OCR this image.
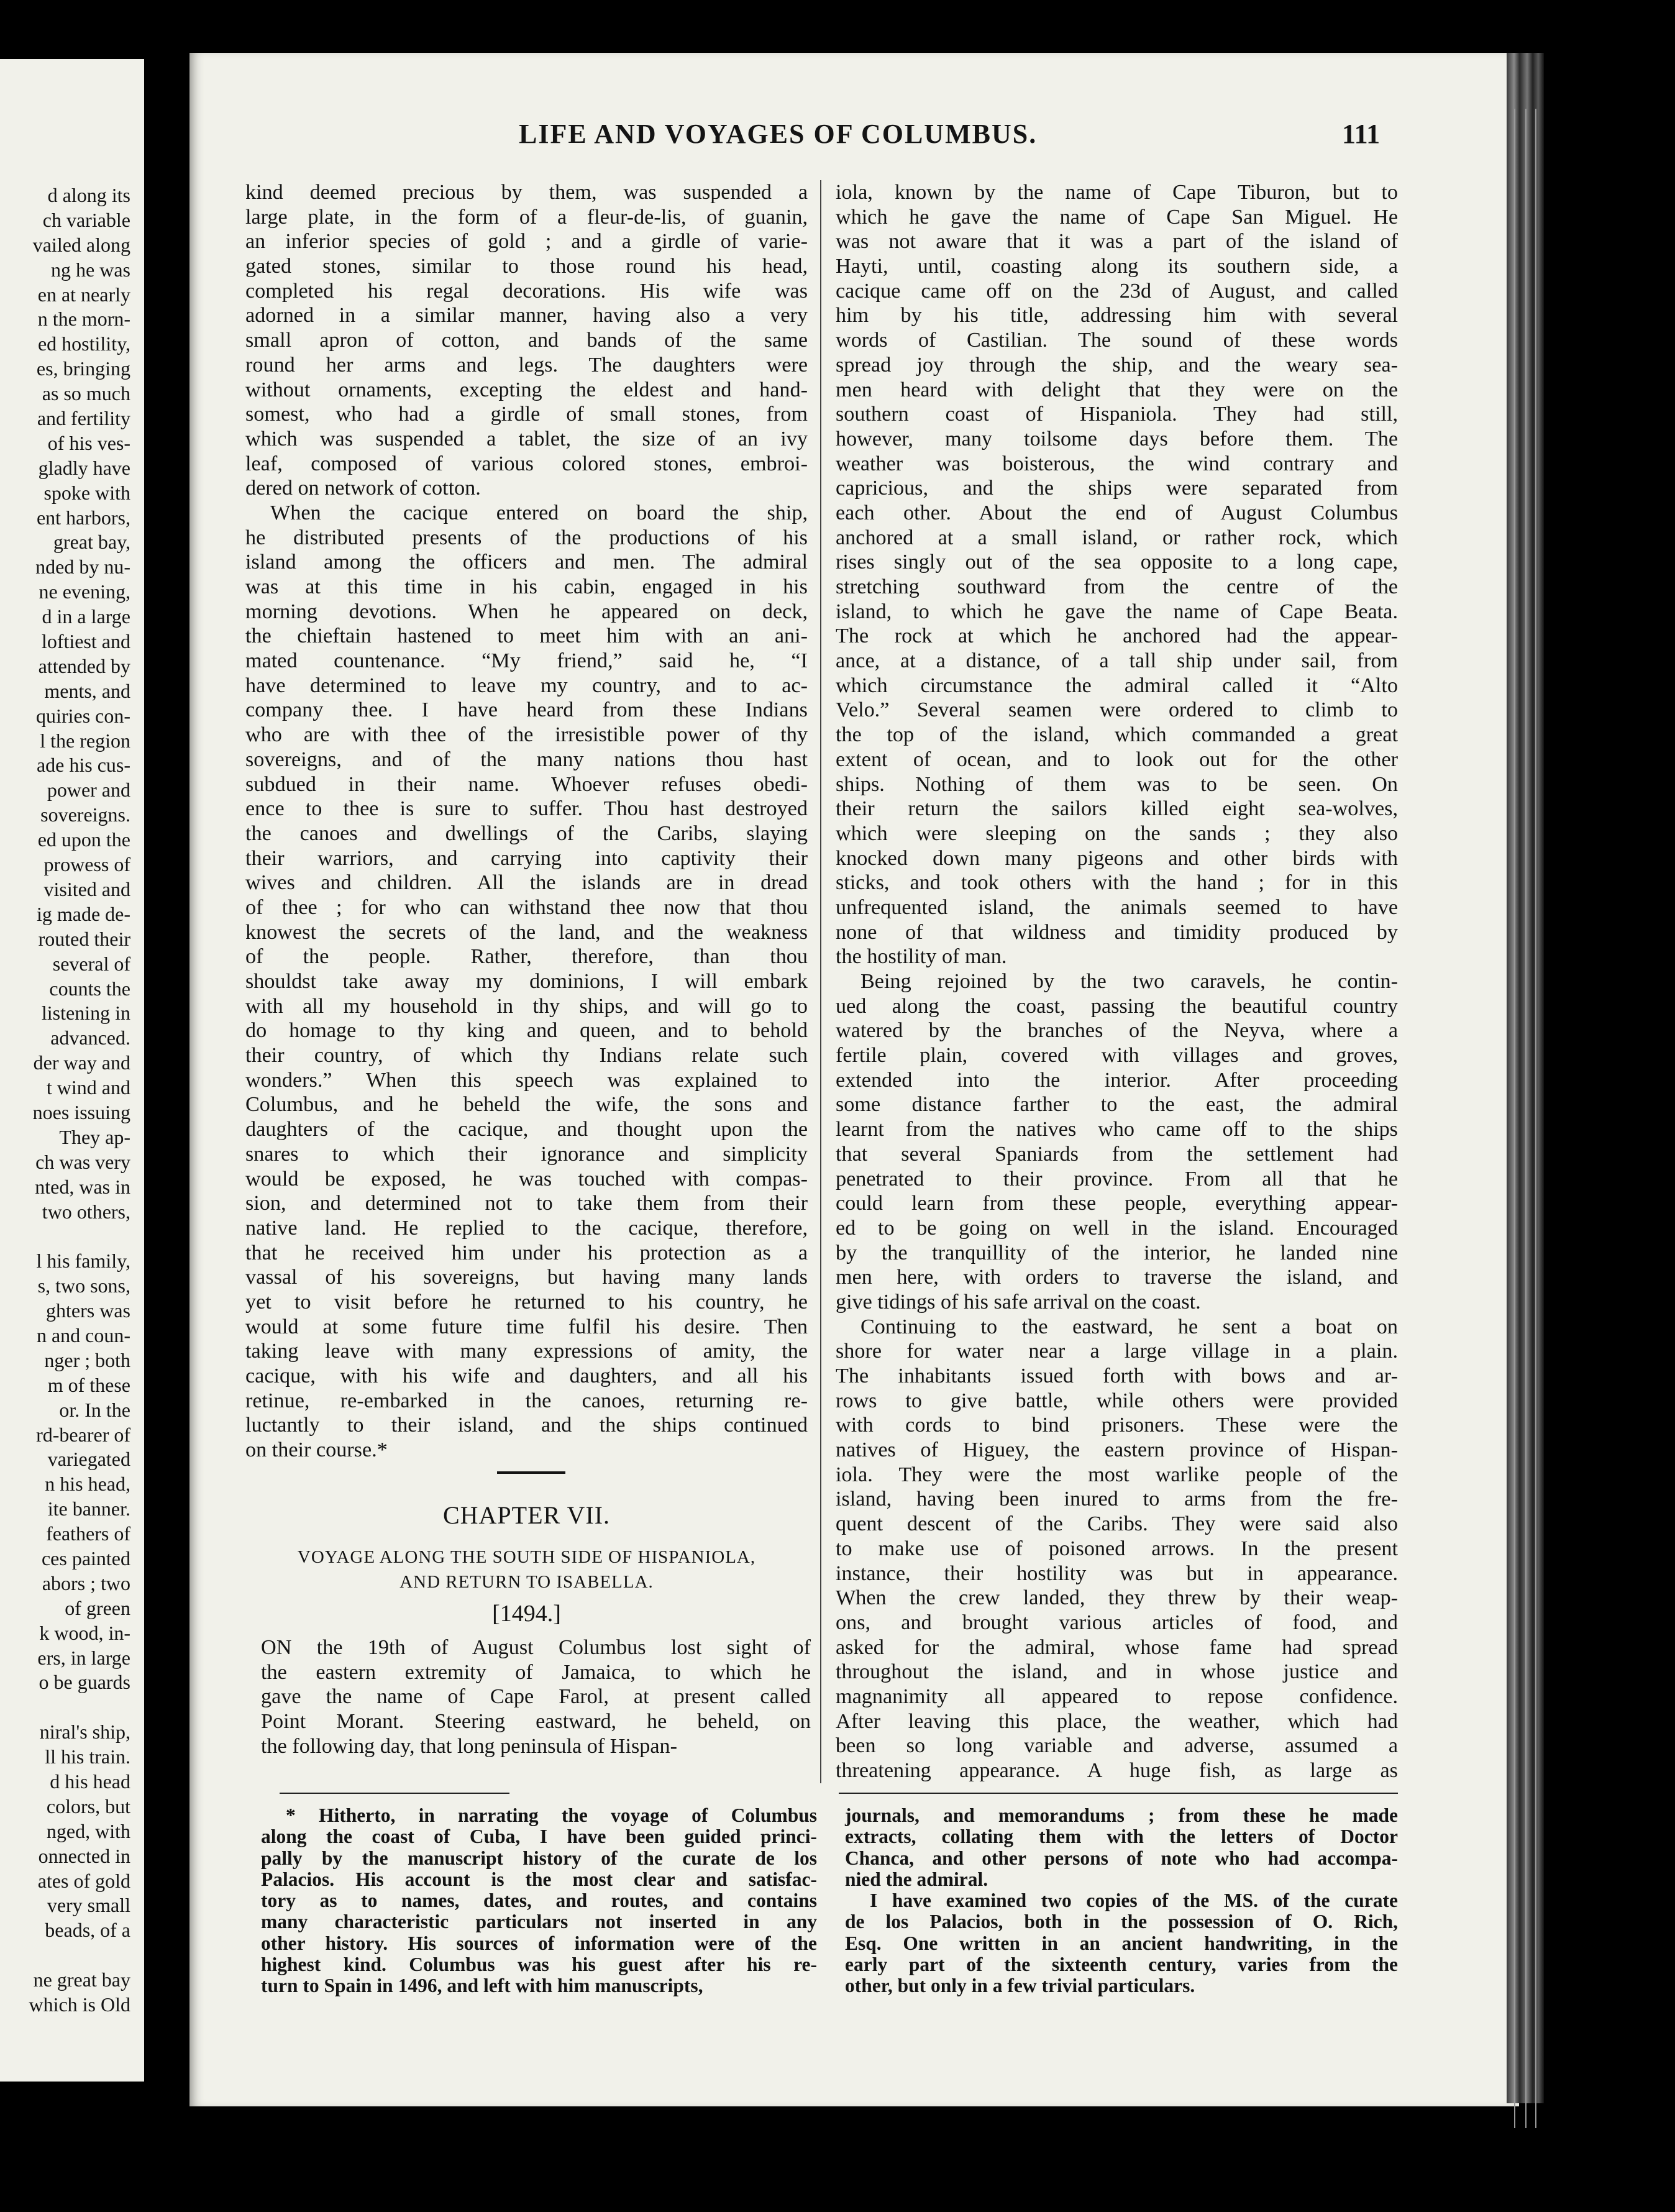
d along its
ch variable
vailed along
ng he was
en at nearly
n the morn-
ed hostility,
es, bringing
as so much
and fertility
of his ves-
gladly have
spoke with
ent harbors,
great bay,
nded by nu-
ne evening,
d in a large
loftiest and
attended by
ments, and
quiries con-
l the region
ade his cus-
power and
sovereigns.
ed upon the
prowess of
visited and
ig made de-
routed their
several of
counts the
listening in
advanced.
der way and
t wind and
noes issuing
They ap-
ch was very
nted, was in
two others,
l his family,
s, two sons,
ghters was
n and coun-
nger ; both
m of these
or. In the
rd-bearer of
variegated
n his head,
ite banner.
feathers of
ces painted
abors ; two
of green
k wood, in-
ers, in large
o be guards
niral's ship,
ll his train.
d his head
colors, but
nged, with
onnected in
ates of gold
very small
beads, of a
ne great bay
which is Old
LIFE AND VOYAGES OF COLUMBUS.	111
kind deemed precious by them, was suspended a
large plate, in the form of a fleur-de-lis, of guanin,
an inferior species of gold ; and a girdle of varie-
gated stones, similar to those round his head,
completed his regal decorations. His wife was
adorned in a similar manner, having also a very
small apron of cotton, and bands of the same
round her arms and legs. The daughters were
without ornaments, excepting the eldest and hand-
somest, who had a girdle of small stones, from
which was suspended a tablet, the size of an ivy
leaf, composed of various colored stones, embroi-
dered on network of cotton.
When the cacique entered on board the ship,
he distributed presents of the productions of his
island among the officers and men. The admiral
was at this time in his cabin, engaged in his
morning devotions. When he appeared on deck,
the chieftain hastened to meet him with an ani-
mated countenance. “My friend,” said he, “I
have determined to leave my country, and to ac-
company thee. I have heard from these Indians
who are with thee of the irresistible power of thy
sovereigns, and of the many nations thou hast
subdued in their name. Whoever refuses obedi-
ence to thee is sure to suffer. Thou hast destroyed
the canoes and dwellings of the Caribs, slaying
their warriors, and carrying into captivity their
wives and children. All the islands are in dread
of thee ; for who can withstand thee now that thou
knowest the secrets of the land, and the weakness
of the people. Rather, therefore, than thou
shouldst take away my dominions, I will embark
with all my household in thy ships, and will go to
do homage to thy king and queen, and to behold
their country, of which thy Indians relate such
wonders.” When this speech was explained to
Columbus, and he beheld the wife, the sons and
daughters of the cacique, and thought upon the
snares to which their ignorance and simplicity
would be exposed, he was touched with compas-
sion, and determined not to take them from their
native land. He replied to the cacique, therefore,
that he received him under his protection as a
vassal of his sovereigns, but having many lands
yet to visit before he returned to his country, he
would at some future time fulfil his desire. Then
taking leave with many expressions of amity, the
cacique, with his wife and daughters, and all his
retinue, re-embarked in the canoes, returning re-
luctantly to their island, and the ships continued
on their course.*
CHAPTER VII.
VOYAGE ALONG THE SOUTH SIDE OF HISPANIOLA,
AND RETURN TO ISABELLA.
[1494.]
ON the 19th of August Columbus lost sight of
the eastern extremity of Jamaica, to which he
gave the name of Cape Farol, at present called
Point Morant. Steering eastward, he beheld, on
the following day, that long peninsula of Hispan-
iola, known by the name of Cape Tiburon, but to
which he gave the name of Cape San Miguel. He
was not aware that it was a part of the island of
Hayti, until, coasting along its southern side, a
cacique came off on the 23d of August, and called
him by his title, addressing him with several
words of Castilian. The sound of these words
spread joy through the ship, and the weary sea-
men heard with delight that they were on the
southern coast of Hispaniola. They had still,
however, many toilsome days before them. The
weather was boisterous, the wind contrary and
capricious, and the ships were separated from
each other. About the end of August Columbus
anchored at a small island, or rather rock, which
rises singly out of the sea opposite to a long cape,
stretching southward from the centre of the
island, to which he gave the name of Cape Beata.
The rock at which he anchored had the appear-
ance, at a distance, of a tall ship under sail, from
which circumstance the admiral called it “Alto
Velo.” Several seamen were ordered to climb to
the top of the island, which commanded a great
extent of ocean, and to look out for the other
ships. Nothing of them was to be seen. On
their return the sailors killed eight sea-wolves,
which were sleeping on the sands ; they also
knocked down many pigeons and other birds with
sticks, and took others with the hand ; for in this
unfrequented island, the animals seemed to have
none of that wildness and timidity produced by
the hostility of man.
Being rejoined by the two caravels, he contin-
ued along the coast, passing the beautiful country
watered by the branches of the Neyva, where a
fertile plain, covered with villages and groves,
extended into the interior. After proceeding
some distance farther to the east, the admiral
learnt from the natives who came off to the ships
that several Spaniards from the settlement had
penetrated to their province. From all that he
could learn from these people, everything appear-
ed to be going on well in the island. Encouraged
by the tranquillity of the interior, he landed nine
men here, with orders to traverse the island, and
give tidings of his safe arrival on the coast.
Continuing to the eastward, he sent a boat on
shore for water near a large village in a plain.
The inhabitants issued forth with bows and ar-
rows to give battle, while others were provided
with cords to bind prisoners. These were the
natives of Higuey, the eastern province of Hispan-
iola. They were the most warlike people of the
island, having been inured to arms from the fre-
quent descent of the Caribs. They were said also
to make use of poisoned arrows. In the present
instance, their hostility was but in appearance.
When the crew landed, they threw by their weap-
ons, and brought various articles of food, and
asked for the admiral, whose fame had spread
throughout the island, and in whose justice and
magnanimity all appeared to repose confidence.
After leaving this place, the weather, which had
been so long variable and adverse, assumed a
threatening appearance. A huge fish, as large as
* Hitherto, in narrating the voyage of Columbus
along the coast of Cuba, I have been guided princi-
pally by the manuscript history of the curate de los
Palacios. His account is the most clear and satisfac-
tory as to names, dates, and routes, and contains
many characteristic particulars not inserted in any
other history. His sources of information were of the
highest kind. Columbus was his guest after his re-
turn to Spain in 1496, and left with him manuscripts,
journals, and memorandums ; from these he made
extracts, collating them with the letters of Doctor
Chanca, and other persons of note who had accompa-
nied the admiral.
I have examined two copies of the MS. of the curate
de los Palacios, both in the possession of O. Rich,
Esq. One written in an ancient handwriting, in the
early part of the sixteenth century, varies from the
other, but only in a few trivial particulars.
